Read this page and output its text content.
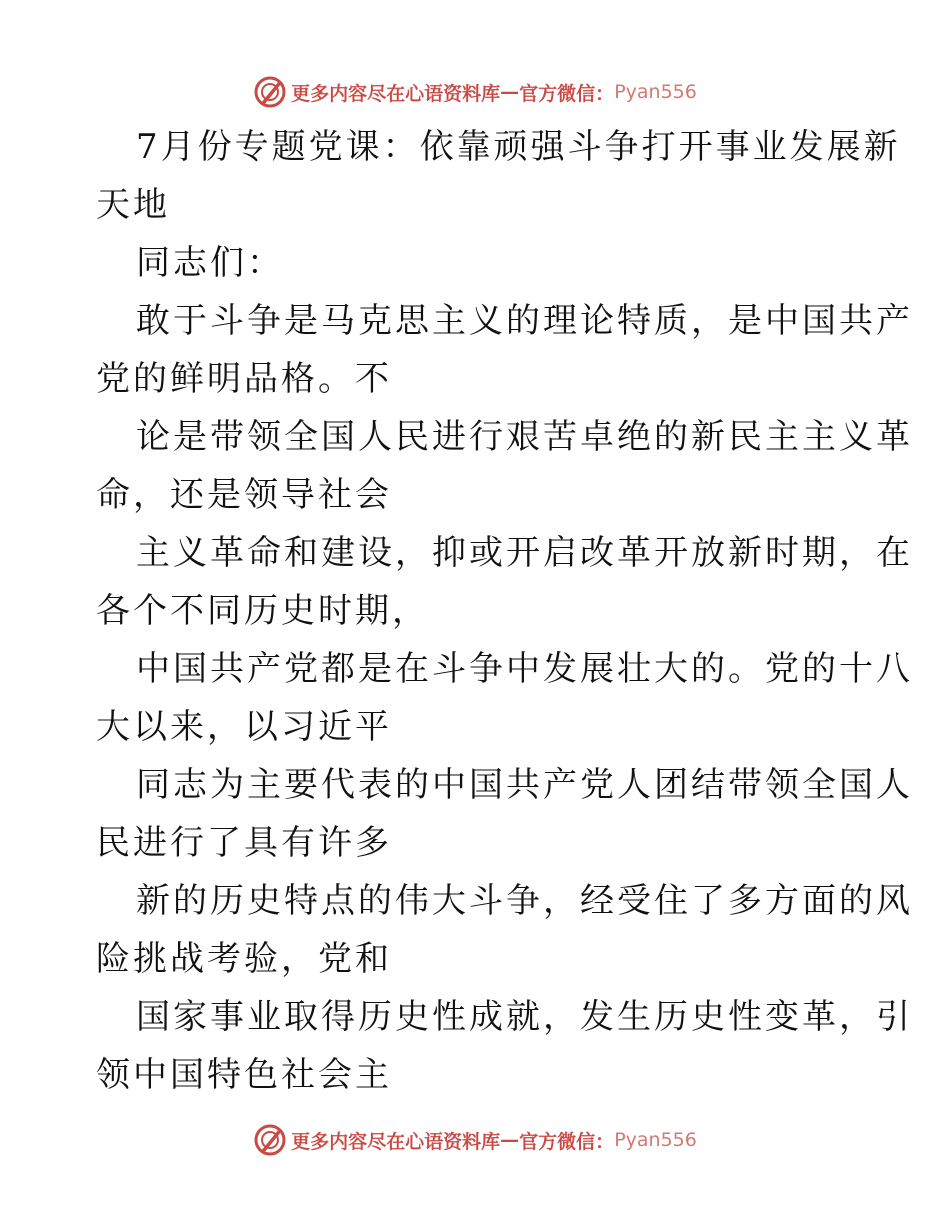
更多内容尽在心语资料库 — 官方微信： Pyan556
7月份专题党课：依靠顽强斗争打开事业发展新
天地
同志们：
敢于斗争是马克思主义的理论特质，是中国共产
党的鲜明品格。不
论是带领全国人民进行艰苦卓绝的新民主主义革
命，还是领导社会
主义革命和建设，抑或开启改革开放新时期，在
各个不同历史时期，
中国共产党都是在斗争中发展壮大的。党的十八
大以来，以习近平
同志为主要代表的中国共产党人团结带领全国人
民进行了具有许多
新的历史特点的伟大斗争，经受住了多方面的风
险挑战考验，党和
国家事业取得历史性成就，发生历史性变革，引
领中国特色社会主
更多内容尽在心语资料库 — 官方微信： Pyan556
